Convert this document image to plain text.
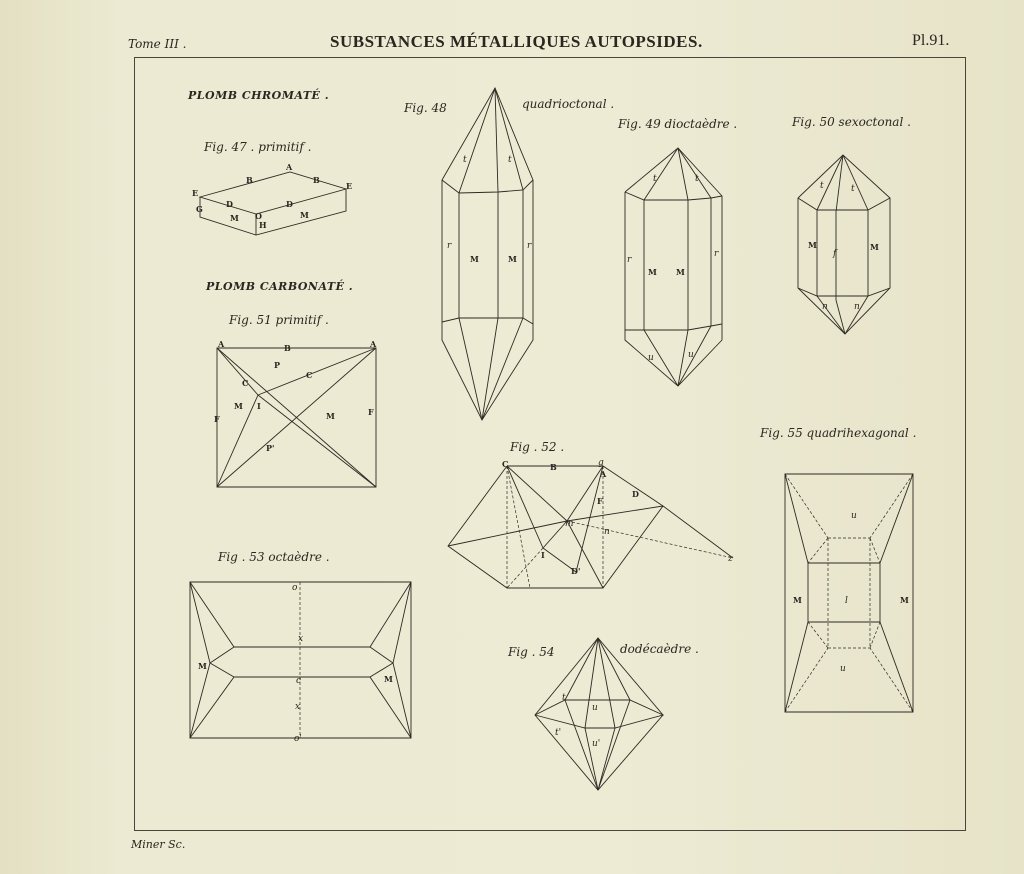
Tome III .	SUBSTANCES MÉTALLIQUES AUTOPSIDES.	Pl.91.
PLOMB CHROMATÉ .
PLOMB CARBONATÉ .
Fig. 47 . primitif .
A
B	B
E
E
G	D	D
M O	M
H
Fig. 48	quadrioctonal .
t	t
r
M	M
r
Fig. 49 dioctaèdre .
t	t
r
M M
r
u	u
Fig. 50 sexoctonal .
t	t
M
f
M
n	n
Fig. 51 primitif .
A	B	A
P
C
C
M I
M
F
F
P'	Fig . 52 .
C	B	g
A
D
F
m
n
I
D'
z
Fig . 53 octaèdre .
o
x
M
c	M
x
o'
Fig . 54	dodécaèdre .
t
u
t'
u'
Fig. 55 quadrihexagonal .
u
M	l	M
u
Miner Sc.
